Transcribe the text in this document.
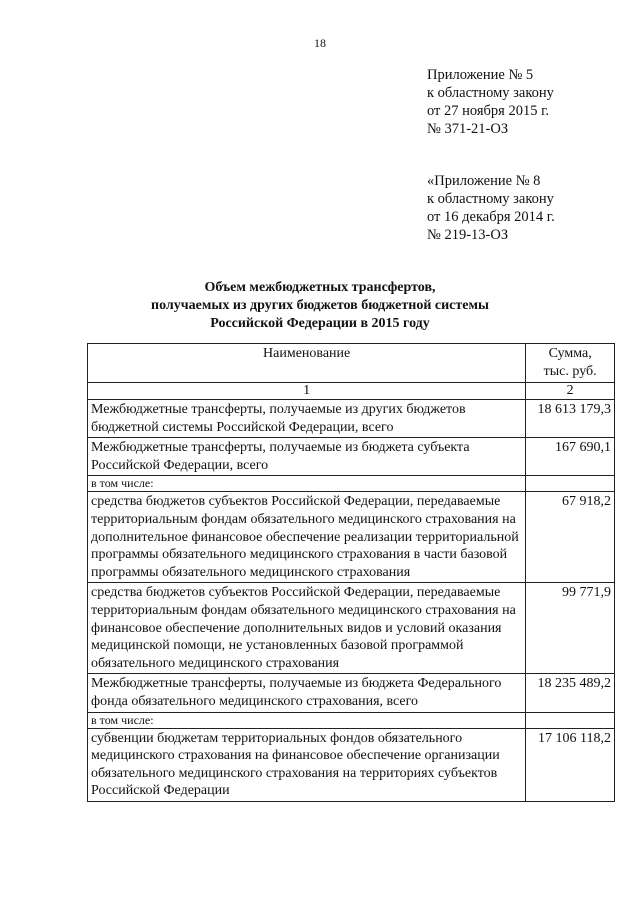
18
Приложение № 5
к областному закону
от 27 ноября 2015 г.
№ 371-21-ОЗ
«Приложение № 8
к областному закону
от 16 декабря 2014 г.
№ 219-13-ОЗ
Объем межбюджетных трансфертов,
получаемых из других бюджетов бюджетной системы
Российской Федерации в 2015 году
Наименование	Сумма,
тыс. руб.

1	2
Межбюджетные трансферты, получаемые из других бюджетов бюджетной системы Российской Федерации, всего	18 613 179,3
Межбюджетные трансферты, получаемые из бюджета субъекта Российской Федерации, всего	167 690,1
в том числе:	
средства бюджетов субъектов Российской Федерации, передаваемые территориальным фондам обязательного медицинского страхования на дополнительное финансовое обеспечение реализации территориальной программы обязательного медицинского страхования в части базовой программы обязательного медицинского страхования	67 918,2
средства бюджетов субъектов Российской Федерации, передаваемые территориальным фондам обязательного медицинского страхования на финансовое обеспечение дополнительных видов и условий оказания медицинской помощи, не установленных базовой программой обязательного медицинского страхования	99 771,9
Межбюджетные трансферты, получаемые из бюджета Федерального фонда обязательного медицинского страхования, всего	18 235 489,2
в том числе:	
субвенции бюджетам территориальных фондов обязательного медицинского страхования на финансовое обеспечение организации обязательного медицинского страхования на территориях субъектов Российской Федерации	17 106 118,2
